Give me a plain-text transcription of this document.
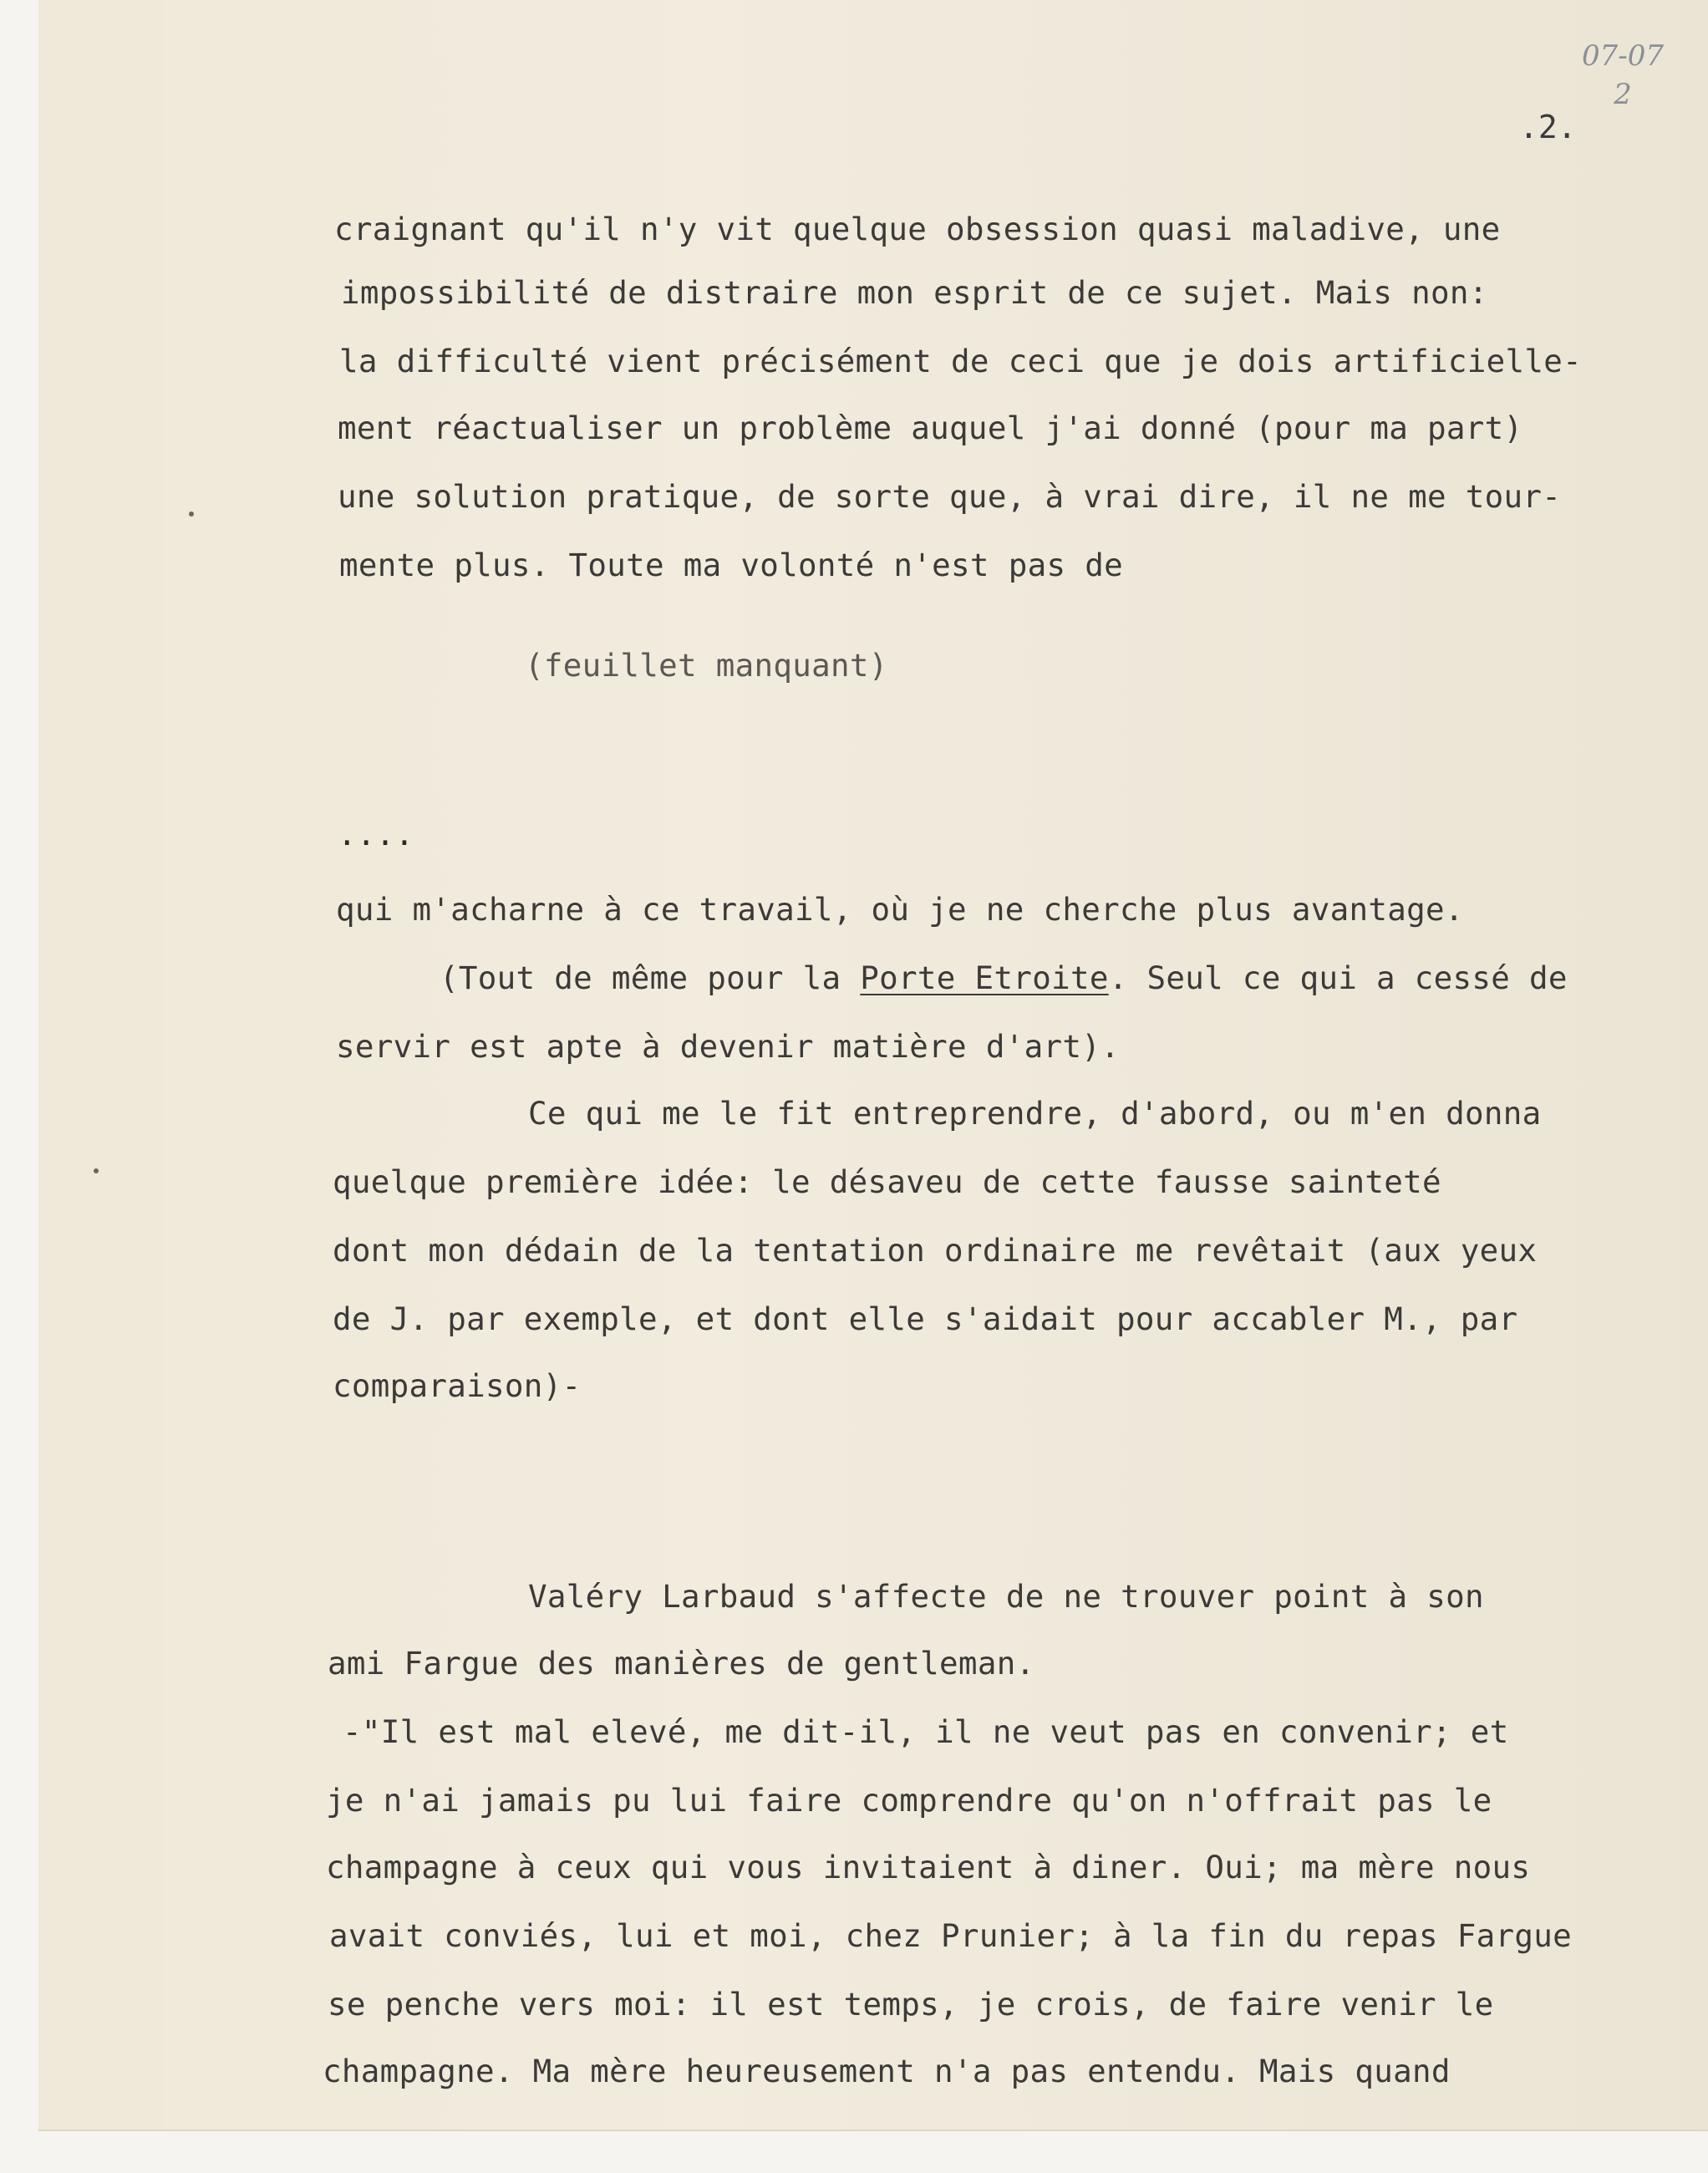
07-07
2
.2.

craignant qu'il n'y vit quelque obsession quasi maladive, une

impossibilité de distraire mon esprit de ce sujet. Mais non:

la difficulté vient précisément de ceci que je dois artificielle-

ment réactualiser un problème auquel j'ai donné (pour ma part)

une solution pratique, de sorte que, à vrai dire, il ne me tour-

mente plus. Toute ma volonté n'est pas de

(feuillet manquant)

....

qui m'acharne à ce travail, où je ne cherche plus avantage.

(Tout de même pour la Porte Etroite. Seul ce qui a cessé de

servir est apte à devenir matière d'art).

Ce qui me le fit entreprendre, d'abord, ou m'en donna

quelque première idée: le désaveu de cette fausse sainteté

dont mon dédain de la tentation ordinaire me revêtait (aux yeux

de J. par exemple, et dont elle s'aidait pour accabler M., par

comparaison)-

Valéry Larbaud s'affecte de ne trouver point à son

ami Fargue des manières de gentleman.

-"Il est mal elevé, me dit-il, il ne veut pas en convenir; et

je n'ai jamais pu lui faire comprendre qu'on n'offrait pas le

champagne à ceux qui vous invitaient à diner. Oui; ma mère nous

avait conviés, lui et moi, chez Prunier; à la fin du repas Fargue

se penche vers moi: il est temps, je crois, de faire venir le

champagne. Ma mère heureusement n'a pas entendu. Mais quand
